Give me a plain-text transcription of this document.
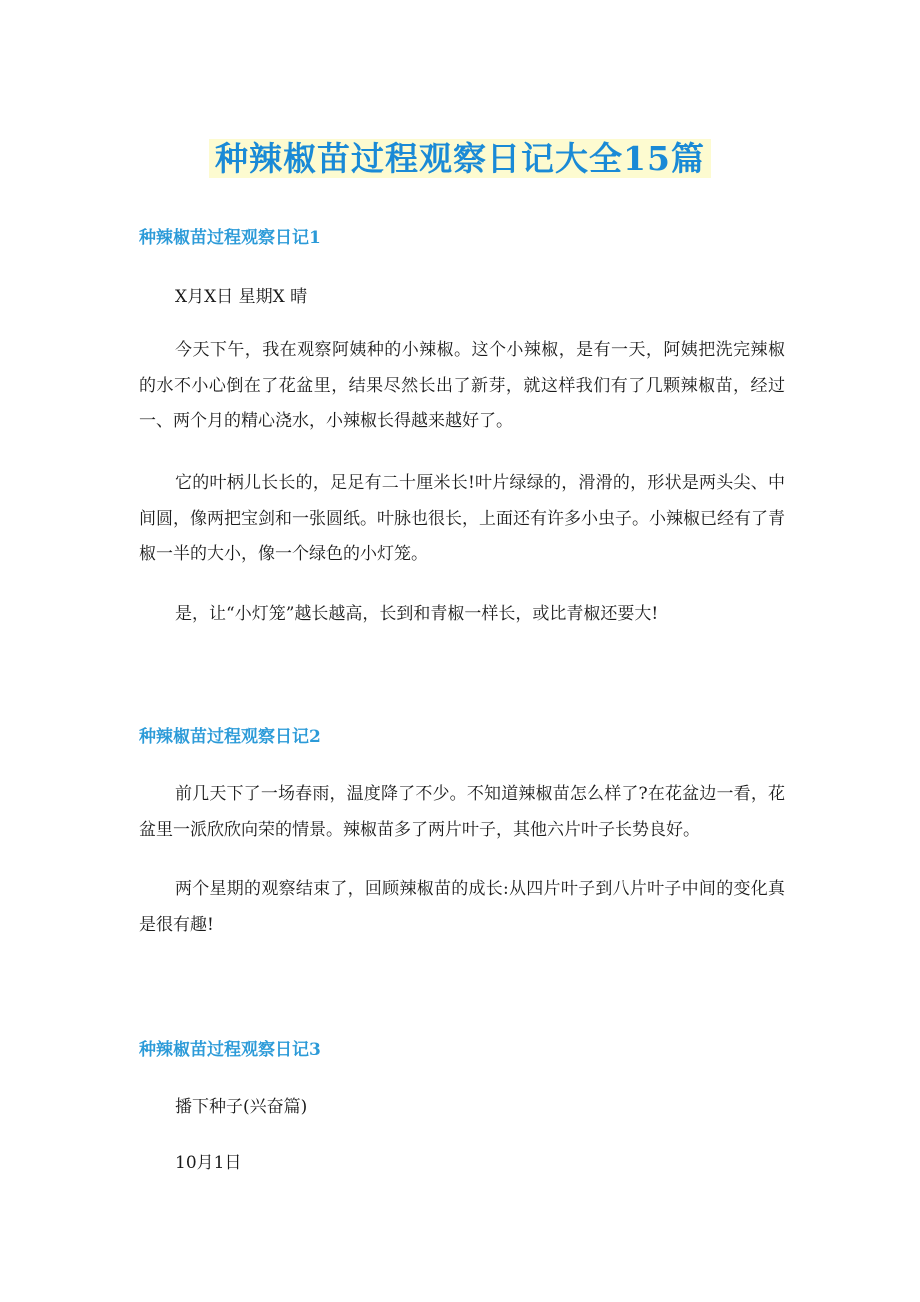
种辣椒苗过程观察日记大全15篇
种辣椒苗过程观察日记1
X月X日 星期X 晴
今天下午，我在观察阿姨种的小辣椒。这个小辣椒，是有一天，阿姨把洗完辣椒的水不小心倒在了花盆里，结果尽然长出了新芽，就这样我们有了几颗辣椒苗，经过一、两个月的精心浇水，小辣椒长得越来越好了。
它的叶柄儿长长的，足足有二十厘米长!叶片绿绿的，滑滑的，形状是两头尖、中间圆，像两把宝剑和一张圆纸。叶脉也很长，上面还有许多小虫子。小辣椒已经有了青椒一半的大小，像一个绿色的小灯笼。
是，让“小灯笼”越长越高，长到和青椒一样长，或比青椒还要大!
种辣椒苗过程观察日记2
前几天下了一场春雨，温度降了不少。不知道辣椒苗怎么样了?在花盆边一看，花盆里一派欣欣向荣的情景。辣椒苗多了两片叶子，其他六片叶子长势良好。
两个星期的观察结束了，回顾辣椒苗的成长:从四片叶子到八片叶子中间的变化真是很有趣!
种辣椒苗过程观察日记3
播下种子(兴奋篇)
10月1日
